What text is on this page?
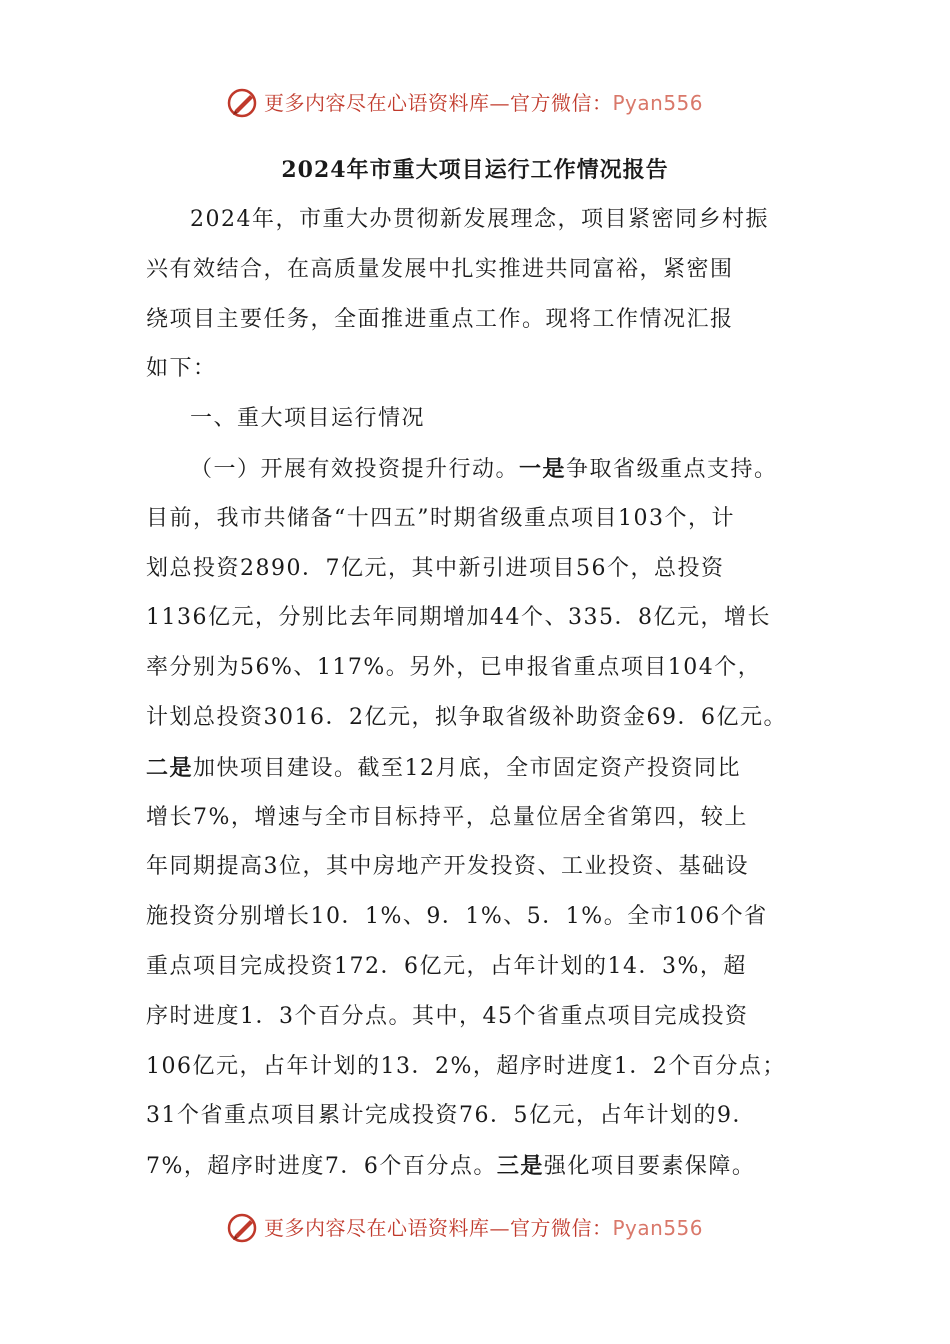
更多内容尽在心语资料库—官方微信：Pyan556
2024年市重大项目运行工作情况报告
2024年，市重大办贯彻新发展理念，项目紧密同乡村振
兴有效结合，在高质量发展中扎实推进共同富裕，紧密围
绕项目主要任务，全面推进重点工作。现将工作情况汇报
如下：
一、重大项目运行情况
（一）开展有效投资提升行动。一是争取省级重点支持。
目前，我市共储备“十四五”时期省级重点项目103个，计
划总投资2890．7亿元，其中新引进项目56个，总投资
1136亿元，分别比去年同期增加44个、335．8亿元，增长
率分别为56%、117%。另外，已申报省重点项目104个，
计划总投资3016．2亿元，拟争取省级补助资金69．6亿元。
二是加快项目建设。截至12月底，全市固定资产投资同比
增长7%，增速与全市目标持平，总量位居全省第四，较上
年同期提高3位，其中房地产开发投资、工业投资、基础设
施投资分别增长10．1%、9．1%、5．1%。全市106个省
重点项目完成投资172．6亿元，占年计划的14．3%，超
序时进度1．3个百分点。其中，45个省重点项目完成投资
106亿元，占年计划的13．2%，超序时进度1．2个百分点；
31个省重点项目累计完成投资76．5亿元，占年计划的9．
7%，超序时进度7．6个百分点。三是强化项目要素保障。
更多内容尽在心语资料库—官方微信：Pyan556
